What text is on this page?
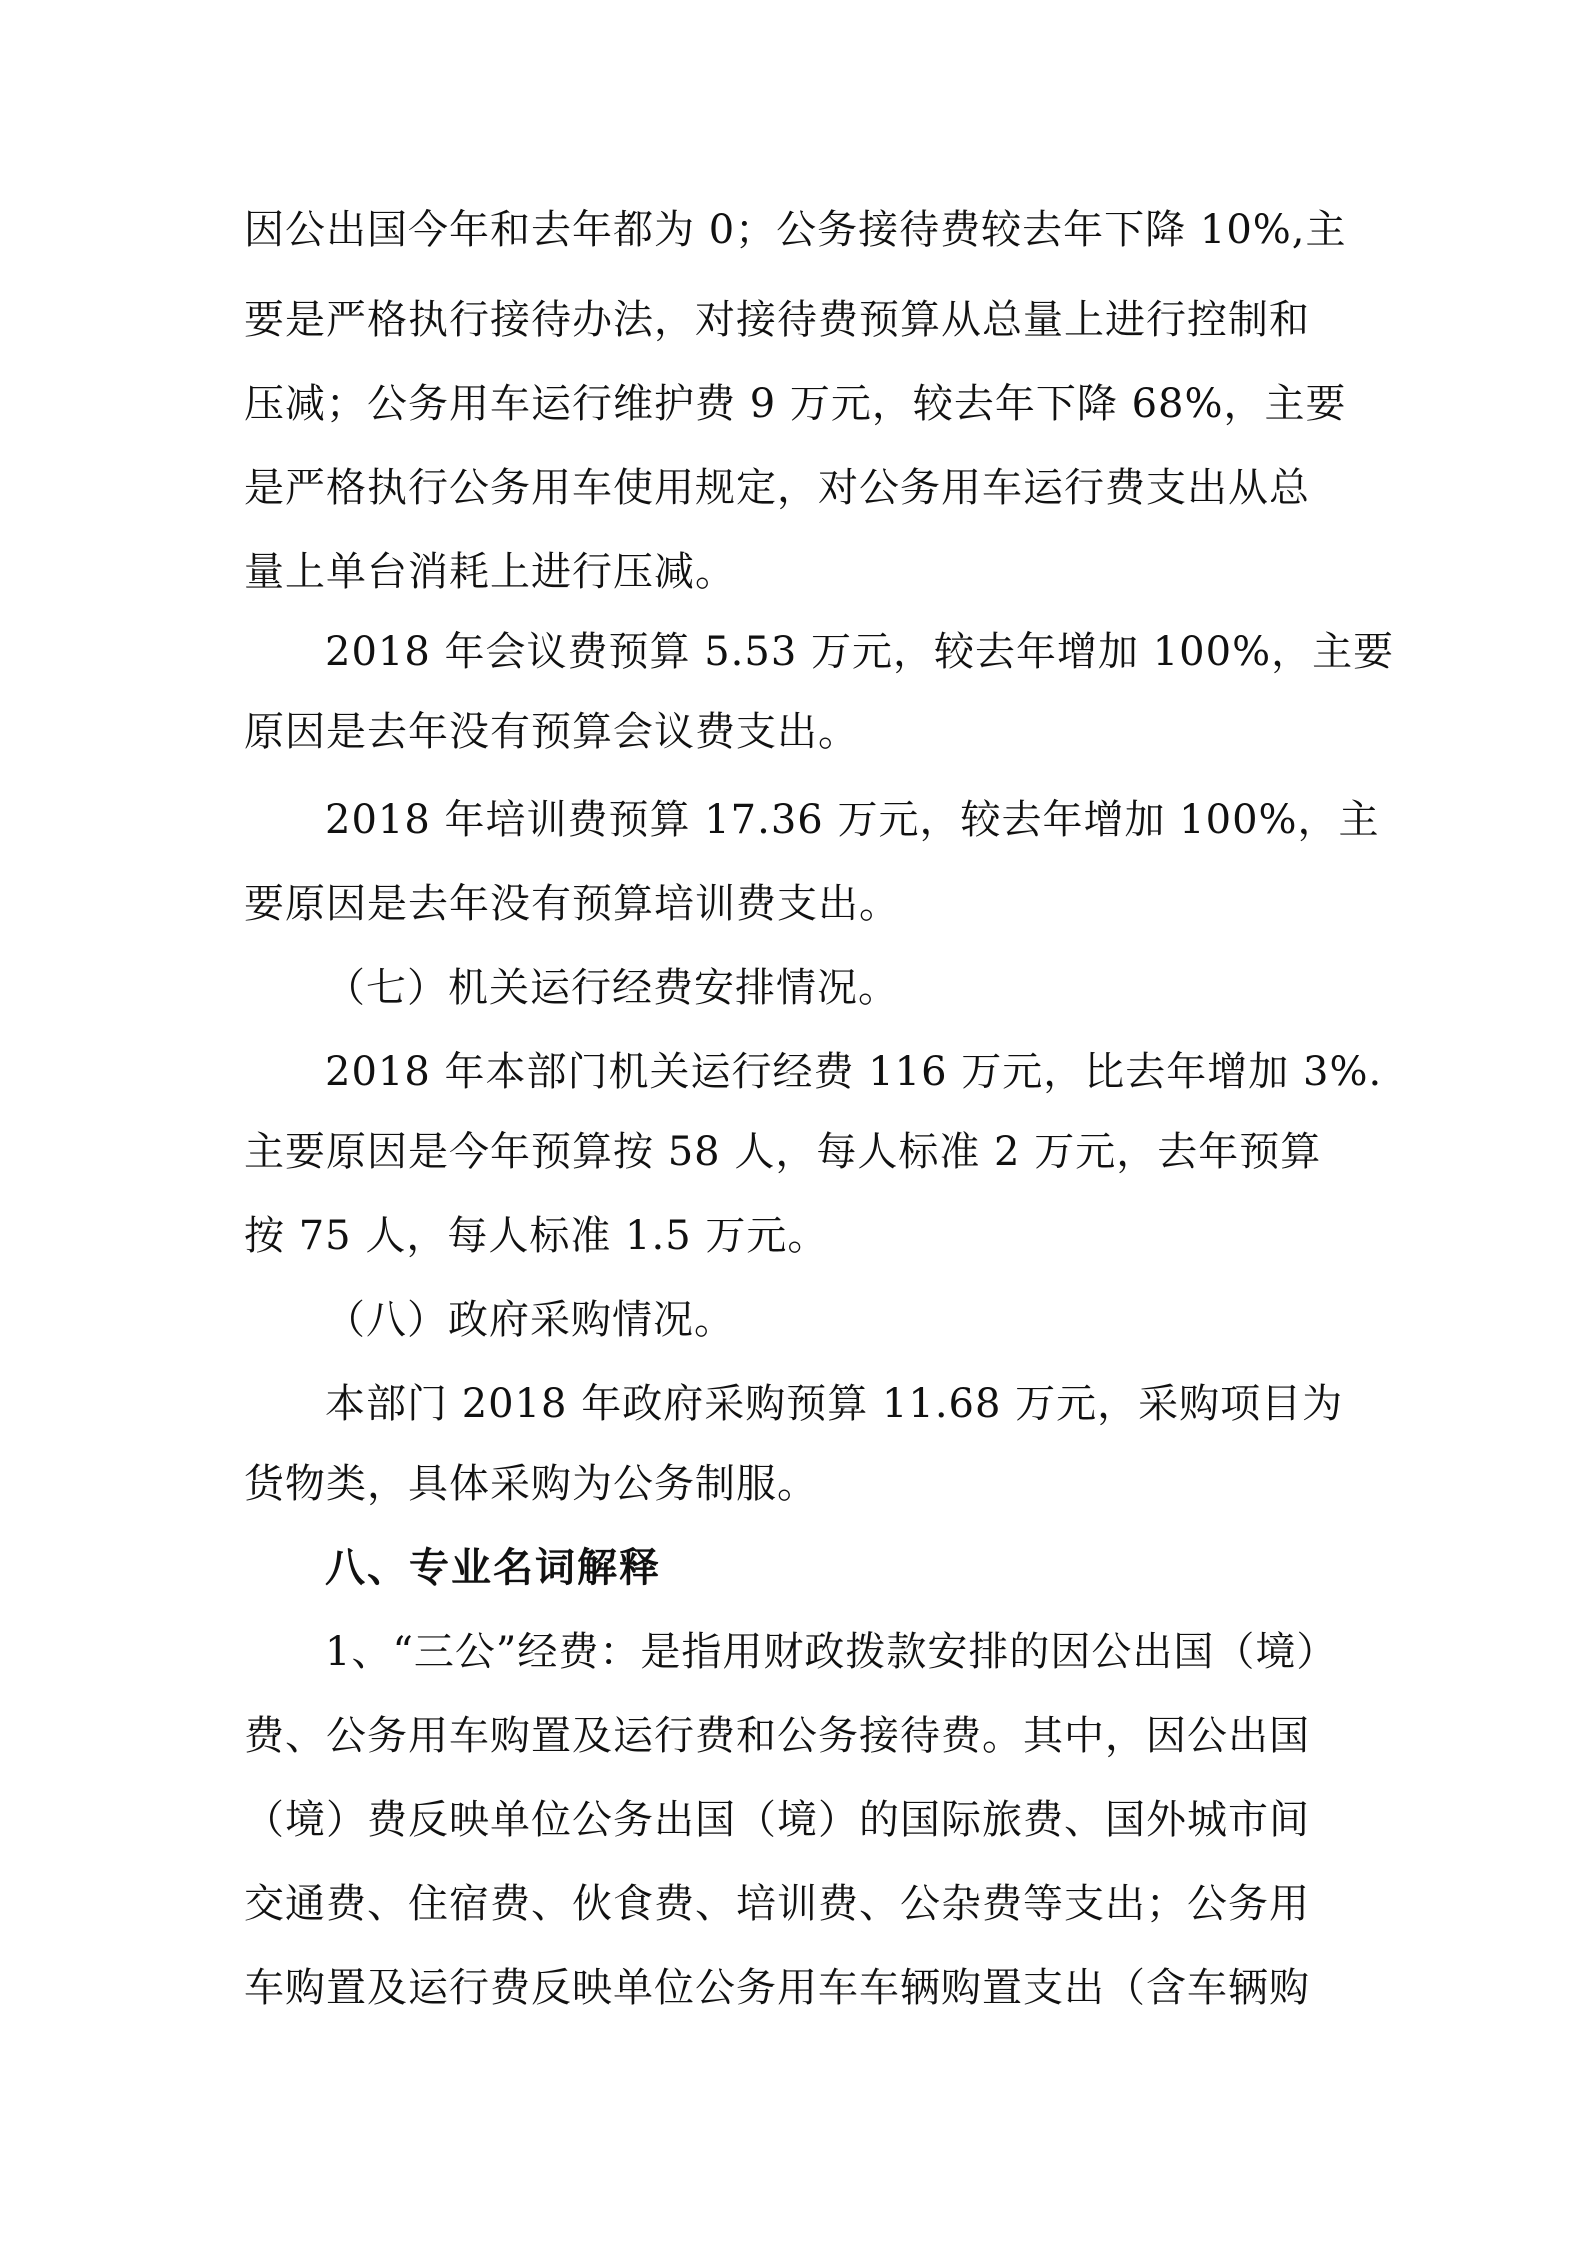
因公出国今年和去年都为 0；公务接待费较去年下降 10%,主

要是严格执行接待办法，对接待费预算从总量上进行控制和

压减；公务用车运行维护费 9 万元，较去年下降 68%，主要

是严格执行公务用车使用规定，对公务用车运行费支出从总

量上单台消耗上进行压减。

2018 年会议费预算 5.53 万元，较去年增加 100%，主要

原因是去年没有预算会议费支出。

2018 年培训费预算 17.36 万元，较去年增加 100%，主

要原因是去年没有预算培训费支出。

（七）机关运行经费安排情况。

2018 年本部门机关运行经费 116 万元，比去年增加 3%.

主要原因是今年预算按 58 人，每人标准 2 万元，去年预算

按 75 人，每人标准 1.5 万元。

（八）政府采购情况。

本部门 2018 年政府采购预算 11.68 万元，采购项目为

货物类，具体采购为公务制服。

八、专业名词解释

1、“三公”经费：是指用财政拨款安排的因公出国（境）

费、公务用车购置及运行费和公务接待费。其中，因公出国

（境）费反映单位公务出国（境）的国际旅费、国外城市间

交通费、住宿费、伙食费、培训费、公杂费等支出；公务用

车购置及运行费反映单位公务用车车辆购置支出（含车辆购
